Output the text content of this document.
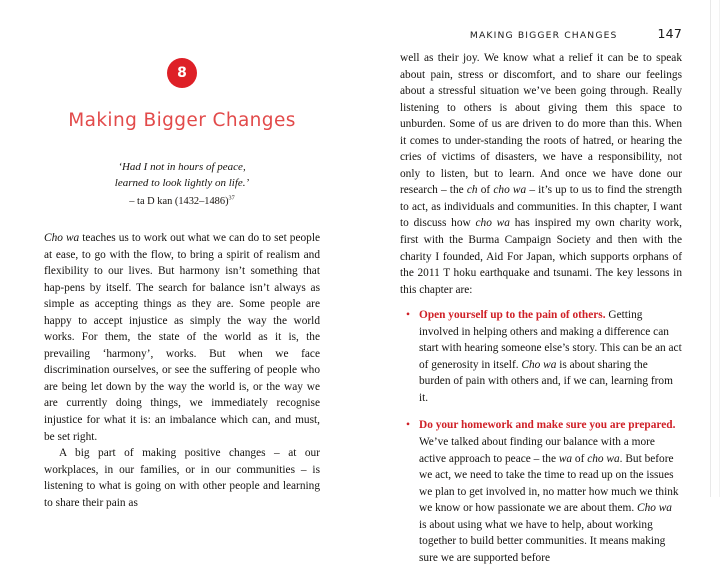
8
Making Bigger Changes
‘Had I not in hours of peace,
learned to look lightly on life.’
– ta D kan (1432–1486)$^{37}$

Cho wa teaches us to work out what we can do to set people at ease, to go with the flow, to bring a spirit of realism and flexibility to our lives. But harmony isn’t something that hap-pens by itself. The search for balance isn’t always as simple as accepting things as they are. Some people are happy to accept injustice as simply the way the world works. For them, the state of the world as it is, the prevailing ‘harmony’, works. But when we face discrimination ourselves, or see the suffering of people who are being let down by the way the world is, or the way we are currently doing things, we immediately recognise injustice for what it is: an imbalance which can, and must, be set right.

A big part of making positive changes – at our workplaces, in our families, or in our communities – is listening to what is going on with other people and learning to share their pain as

MAKING BIGGER CHANGES	147

well as their joy. We know what a relief it can be to speak about pain, stress or discomfort, and to share our feelings about a stressful situation we’ve been going through. Really listening to others is about giving them this space to unburden. Some of us are driven to do more than this. When it comes to under-standing the roots of hatred, or hearing the cries of victims of disasters, we have a responsibility, not only to listen, but to learn. And once we have done our research – the ch of cho wa – it’s up to us to find the strength to act, as individuals and communities. In this chapter, I want to discuss how cho wa has inspired my own charity work, first with the Burma Campaign Society and then with the charity I founded, Aid For Japan, which supports orphans of the 2011 T hoku earthquake and tsunami. The key lessons in this chapter are:

• Open yourself up to the pain of others. Getting involved in helping others and making a difference can start with hearing someone else’s story. This can be an act of generosity in itself. Cho wa is about sharing the burden of pain with others and, if we can, learning from it.
• Do your homework and make sure you are prepared. We’ve talked about finding our balance with a more active approach to peace – the wa of cho wa. But before we act, we need to take the time to read up on the issues we plan to get involved in, no matter how much we think we know or how passionate we are about them. Cho wa is about using what we have to help, about working together to build better communities. It means making sure we are supported before
